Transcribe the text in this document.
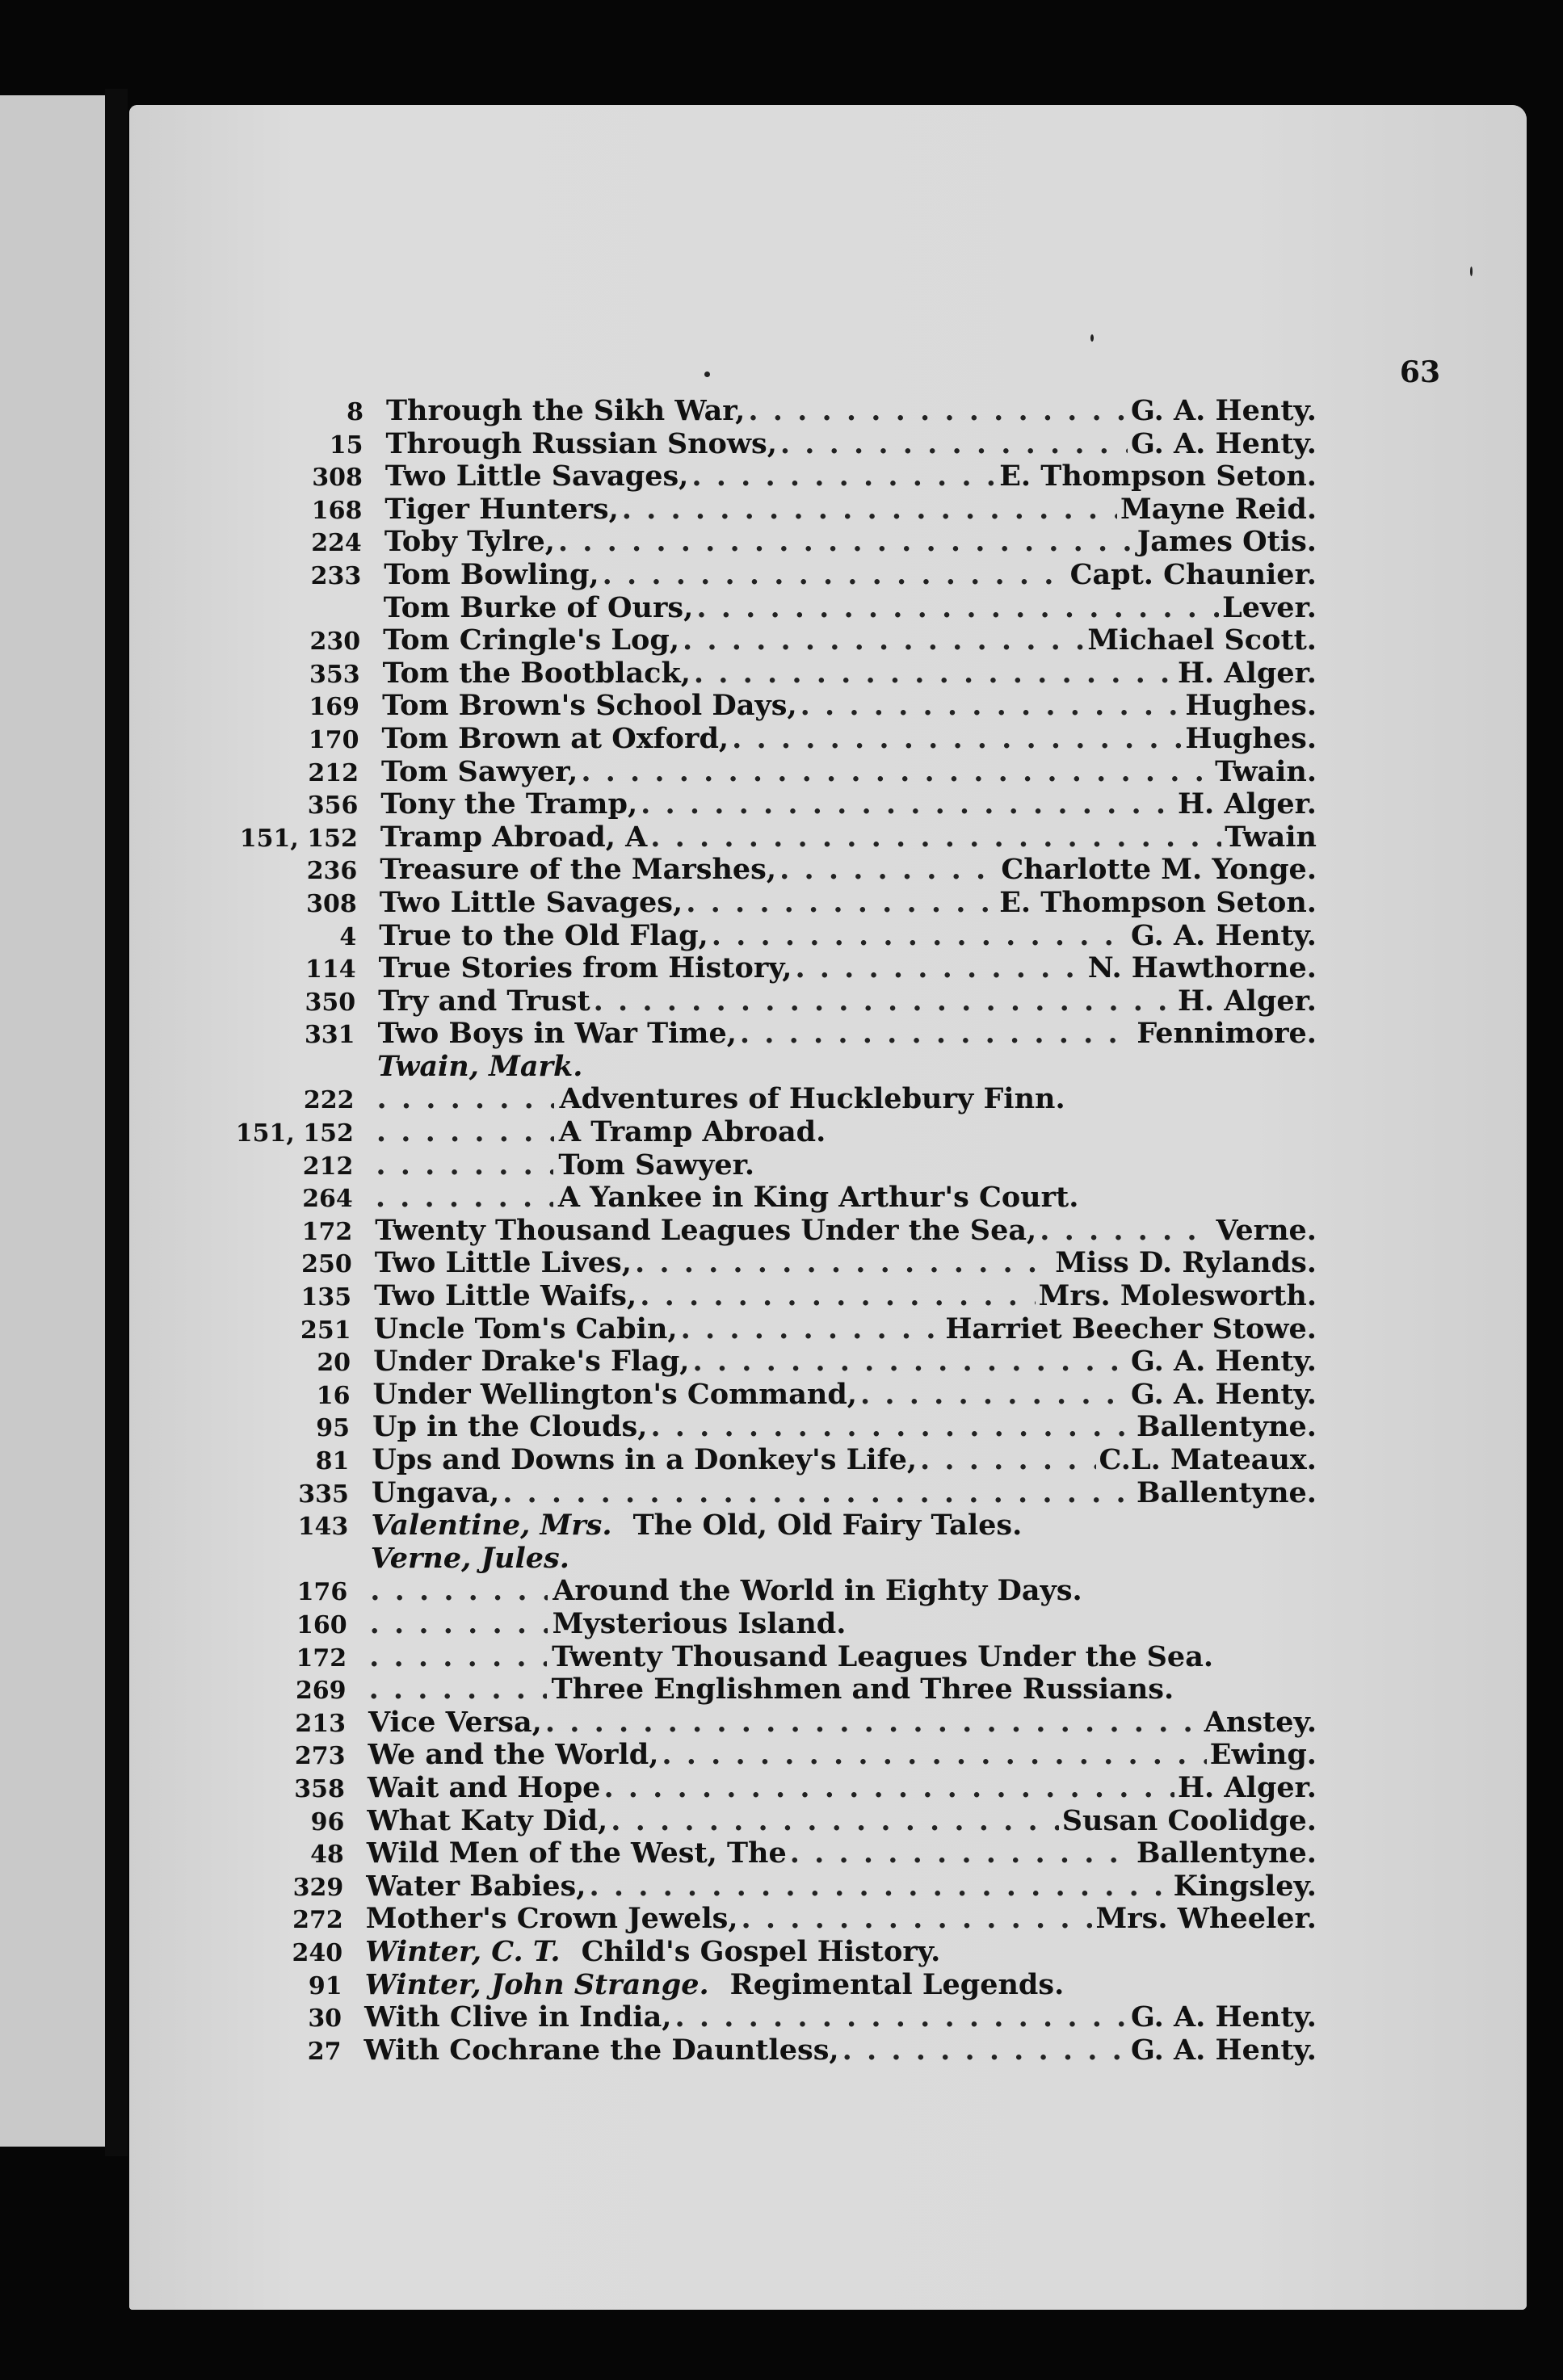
63
8 Through the Sikh War, . . .	G. A. Henty.
15 Through Russian Snows, . . .	G. A. Henty.
308 Two Little Savages, . . .	E. Thompson Seton.
168 Tiger Hunters, . . .	Mayne Reid.
224 Toby Tylre, . . .	James Otis.
233 Tom Bowling, . . .	Capt. Chaunier.
Tom Burke of Ours, . . .	Lever.
230 Tom Cringle's Log, . . .	Michael Scott.
353 Tom the Bootblack, . . .	H. Alger.
169 Tom Brown's School Days, . . .	Hughes.
170 Tom Brown at Oxford, . . .	Hughes.
212 Tom Sawyer, . . .	Twain.
356 Tony the Tramp, . . .	H. Alger.
151, 152 Tramp Abroad, A . . .	Twain
236 Treasure of the Marshes, . . .	Charlotte M. Yonge.
308 Two Little Savages, . . .	E. Thompson Seton.
4 True to the Old Flag, . . .	G. A. Henty.
114 True Stories from History, . . .	N. Hawthorne.
350 Try and Trust . . .	H. Alger.
331 Two Boys in War Time, . . .	Fennimore.
Twain, Mark.
222 . . .	Adventures of Hucklebury Finn.
151, 152 . . .	A Tramp Abroad.
212 . . .	Tom Sawyer.
264 . . .	A Yankee in King Arthur's Court.
172 Twenty Thousand Leagues Under the Sea, . . .	Verne.
250 Two Little Lives, . . .	Miss D. Rylands.
135 Two Little Waifs, . . .	Mrs. Molesworth.
251 Uncle Tom's Cabin, . . .	Harriet Beecher Stowe.
20 Under Drake's Flag, . . .	G. A. Henty.
16 Under Wellington's Command, . . .	G. A. Henty.
95 Up in the Clouds, . . .	Ballentyne.
81 Ups and Downs in a Donkey's Life, . . .	C.L. Mateaux.
335 Ungava, . . .	Ballentyne.
143 Valentine, Mrs. The Old, Old Fairy Tales.
Verne, Jules.
176 . . .	Around the World in Eighty Days.
160 . . .	Mysterious Island.
172 . . .	Twenty Thousand Leagues Under the Sea.
269 . . .	Three Englishmen and Three Russians.
213 Vice Versa, . . .	Anstey.
273 We and the World, . . .	Ewing.
358 Wait and Hope . . .	H. Alger.
96 What Katy Did, . . .	Susan Coolidge.
48 Wild Men of the West, The . . .	Ballentyne.
329 Water Babies, . . .	Kingsley.
272 Mother's Crown Jewels, . . .	Mrs. Wheeler.
240 Winter, C. T. Child's Gospel History.
91 Winter, John Strange. Regimental Legends.
30 With Clive in India, . . .	G. A. Henty.
27 With Cochrane the Dauntless, . . .	G. A. Henty.
